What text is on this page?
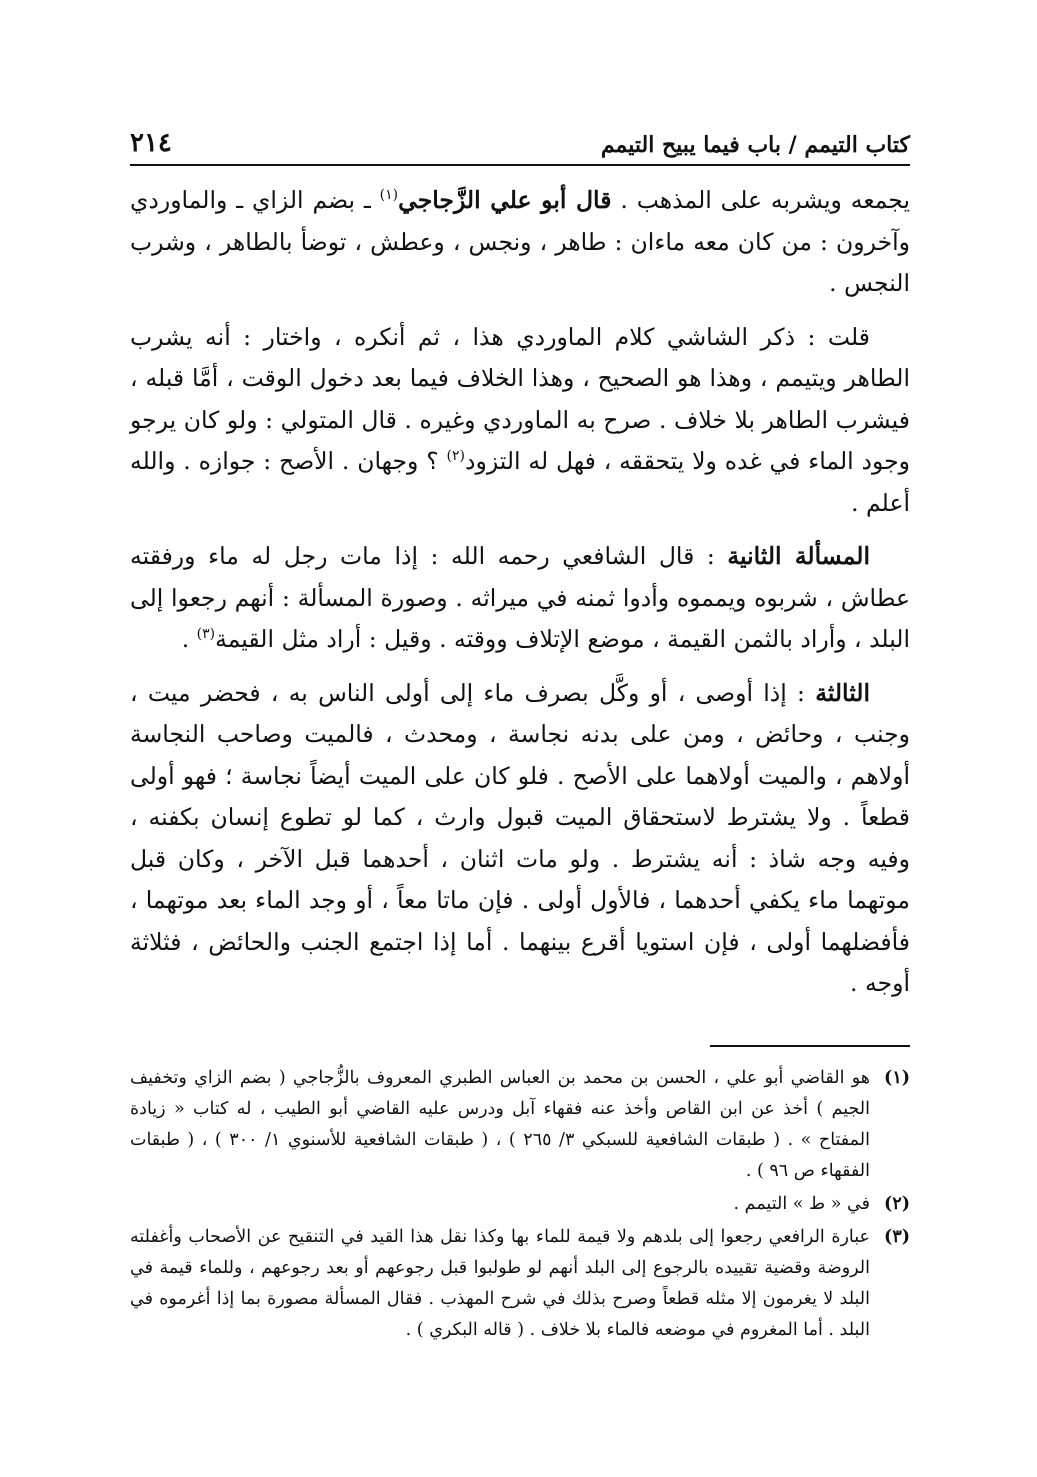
كتاب التيمم / باب فيما يبيح التيمم
٢١٤

يجمعه ويشربه على المذهب . قال أبو علي الزَّجاجي$^{(١)}$ ـ بضم الزاي ـ والماوردي وآخرون : من كان معه ماءان : طاهر ، ونجس ، وعطش ، توضأ بالطاهر ، وشرب النجس .

قلت : ذكر الشاشي كلام الماوردي هذا ، ثم أنكره ، واختار : أنه يشرب الطاهر ويتيمم ، وهذا هو الصحيح ، وهذا الخلاف فيما بعد دخول الوقت ، أمَّا قبله ، فيشرب الطاهر بلا خلاف . صرح به الماوردي وغيره . قال المتولي : ولو كان يرجو وجود الماء في غده ولا يتحققه ، فهل له التزود$^{(٢)}$ ؟ وجهان . الأصح : جوازه . والله أعلم .

المسألة الثانية : قال الشافعي رحمه الله : إذا مات رجل له ماء ورفقته عطاش ، شربوه ويمموه وأدوا ثمنه في ميراثه . وصورة المسألة : أنهم رجعوا إلى البلد ، وأراد بالثمن القيمة ، موضع الإتلاف ووقته . وقيل : أراد مثل القيمة$^{(٣)}$ .

الثالثة : إذا أوصى ، أو وكَّل بصرف ماء إلى أولى الناس به ، فحضر ميت ، وجنب ، وحائض ، ومن على بدنه نجاسة ، ومحدث ، فالميت وصاحب النجاسة أولاهم ، والميت أولاهما على الأصح . فلو كان على الميت أيضاً نجاسة ؛ فهو أولى قطعاً . ولا يشترط لاستحقاق الميت قبول وارث ، كما لو تطوع إنسان بكفنه ، وفيه وجه شاذ : أنه يشترط . ولو مات اثنان ، أحدهما قبل الآخر ، وكان قبل موتهما ماء يكفي أحدهما ، فالأول أولى . فإن ماتا معاً ، أو وجد الماء بعد موتهما ، فأفضلهما أولى ، فإن استويا أقرع بينهما . أما إذا اجتمع الجنب والحائض ، فثلاثة أوجه .

(١)
هو القاضي أبو علي ، الحسن بن محمد بن العباس الطبري المعروف بالزُّجاجي ( بضم الزاي وتخفيف الجيم ) أخذ عن ابن القاص وأخذ عنه فقهاء آبل ودرس عليه القاضي أبو الطيب ، له كتاب « زيادة المفتاح » . ( طبقات الشافعية للسبكي ٣/ ٢٦٥ ) ، ( طبقات الشافعية للأسنوي ١/ ٣٠٠ ) ، ( طبقات الفقهاء ص ٩٦ ) .
(٢)
في « ط » التيمم .
(٣)
عبارة الرافعي رجعوا إلى بلدهم ولا قيمة للماء بها وكذا نقل هذا القيد في التنقيح عن الأصحاب وأغفلته الروضة وقضية تقييده بالرجوع إلى البلد أنهم لو طولبوا قبل رجوعهم أو بعد رجوعهم ، وللماء قيمة في البلد لا يغرمون إلا مثله قطعاً وصرح بذلك في شرح المهذب . فقال المسألة مصورة بما إذا أغرموه في البلد . أما المغروم في موضعه فالماء بلا خلاف . ( قاله البكري ) .
